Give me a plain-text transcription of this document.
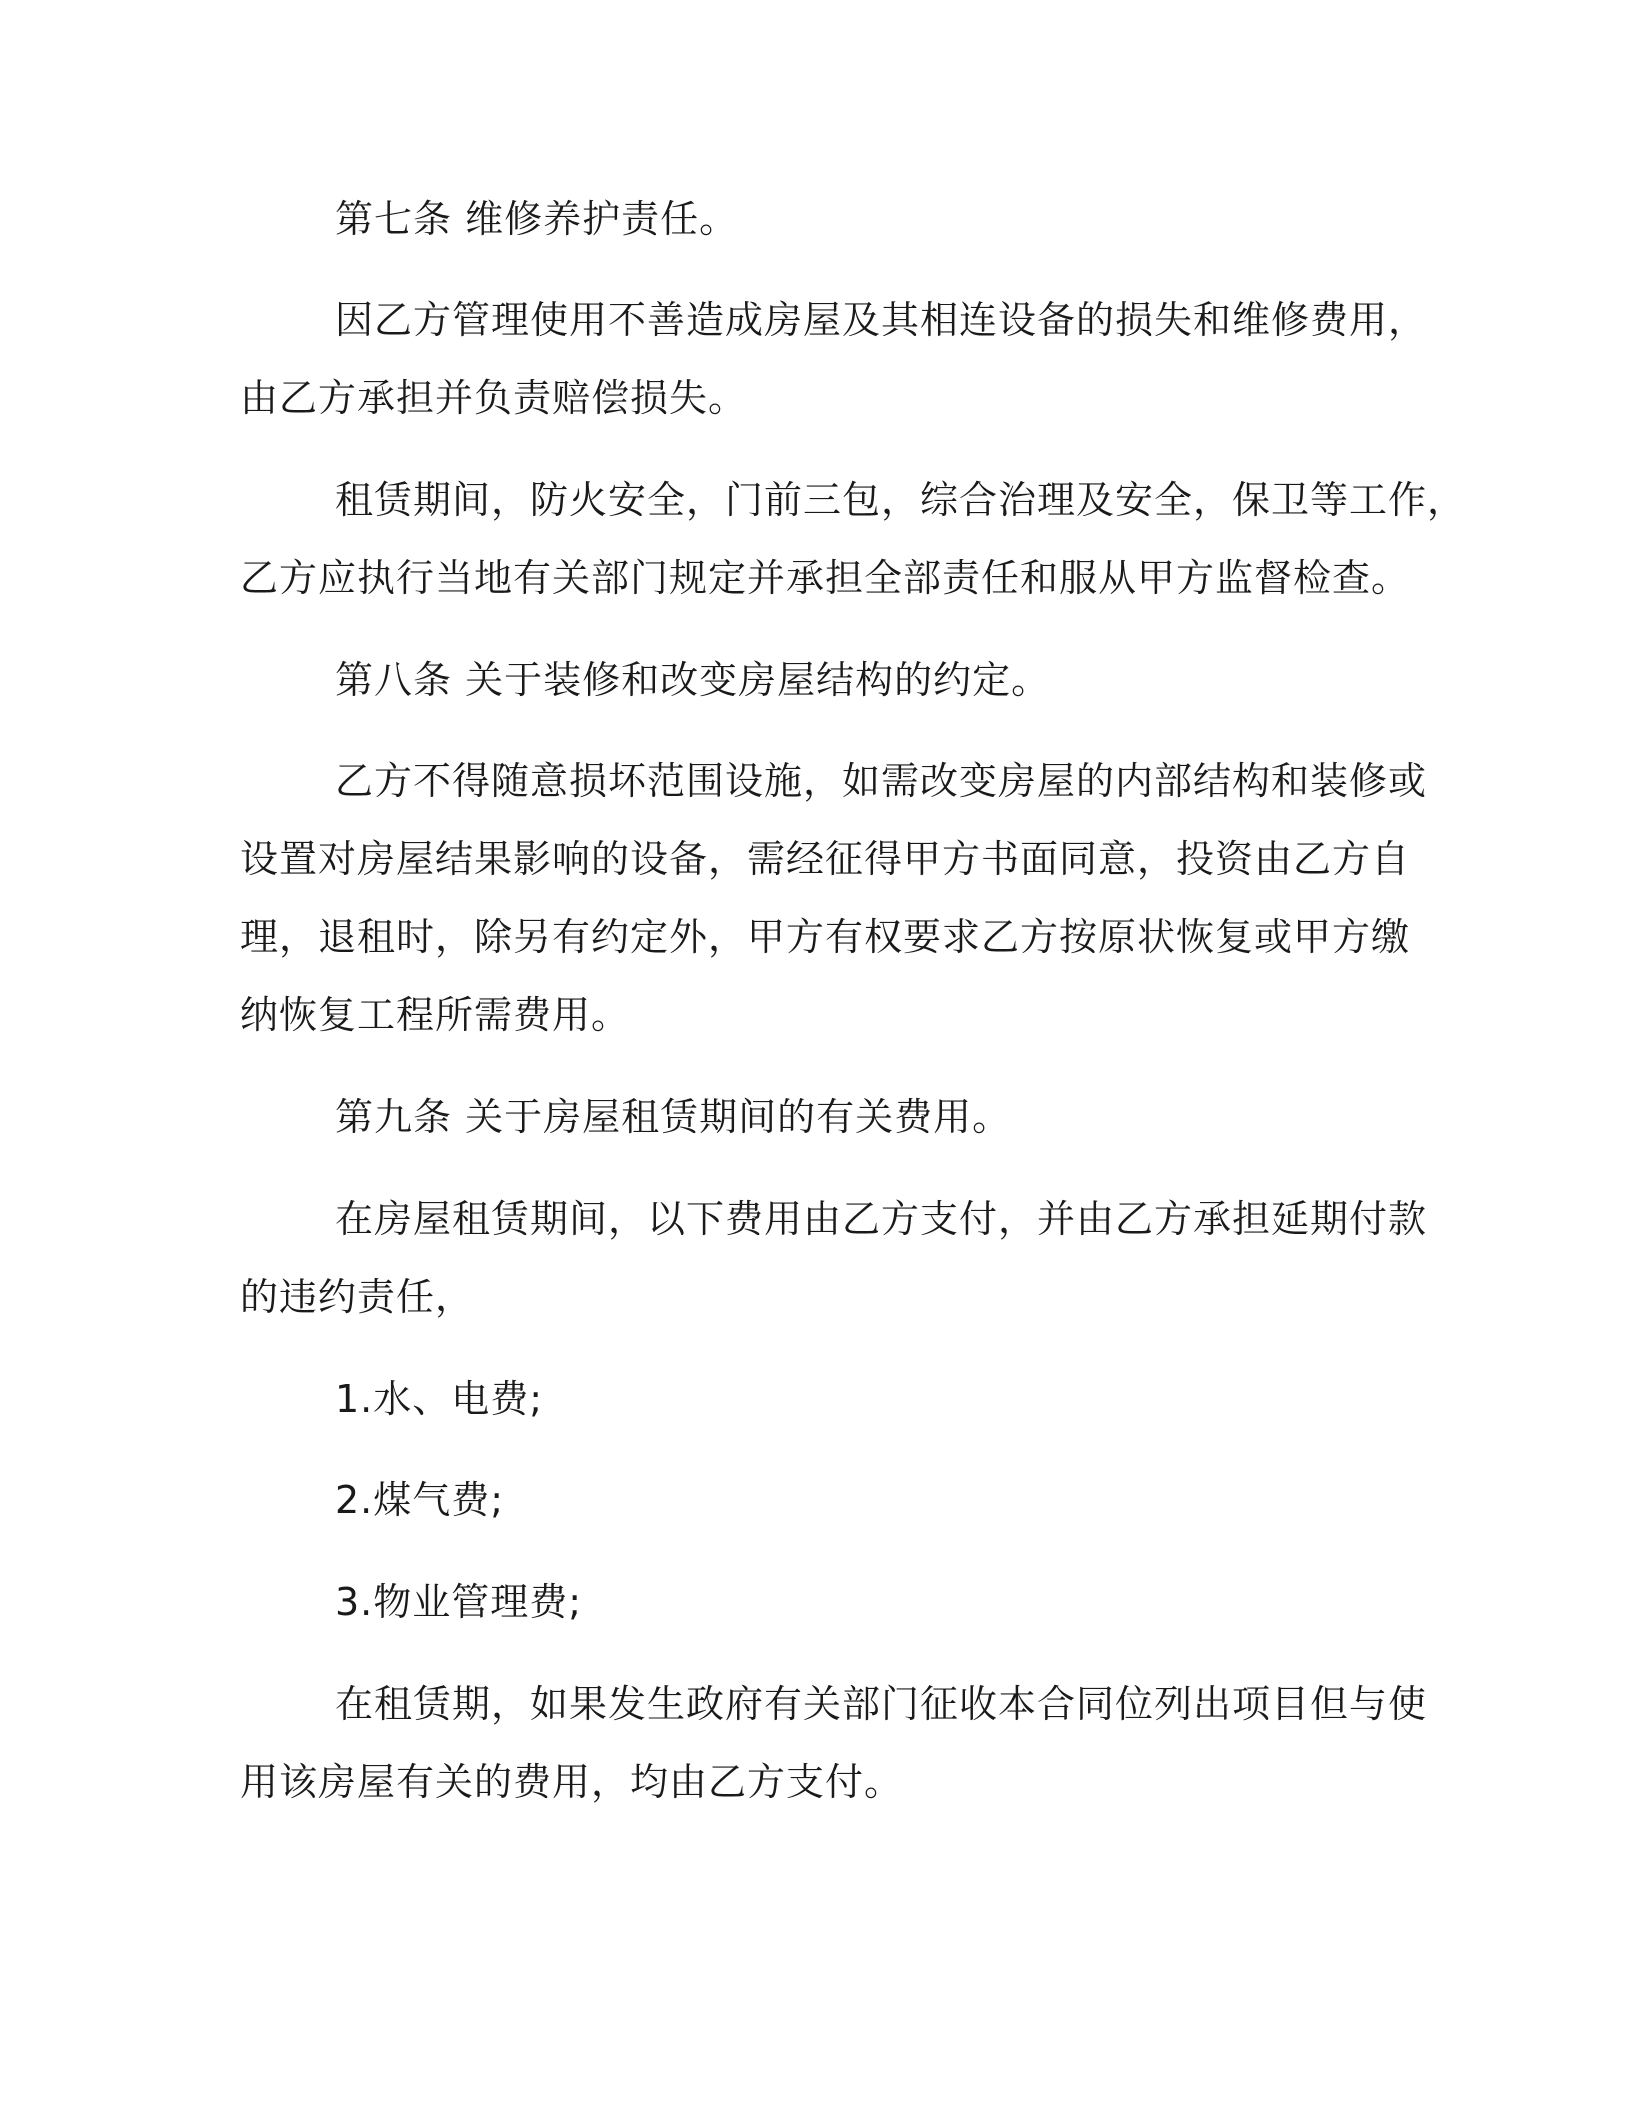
第七条 维修养护责任。
因乙方管理使用不善造成房屋及其相连设备的损失和维修费用，
由乙方承担并负责赔偿损失。
租赁期间，防火安全，门前三包，综合治理及安全，保卫等工作，
乙方应执行当地有关部门规定并承担全部责任和服从甲方监督检查。
第八条 关于装修和改变房屋结构的约定。
乙方不得随意损坏范围设施，如需改变房屋的内部结构和装修或
设置对房屋结果影响的设备，需经征得甲方书面同意，投资由乙方自
理，退租时，除另有约定外，甲方有权要求乙方按原状恢复或甲方缴
纳恢复工程所需费用。
第九条 关于房屋租赁期间的有关费用。
在房屋租赁期间，以下费用由乙方支付，并由乙方承担延期付款
的违约责任，
1.水、电费;
2.煤气费;
3.物业管理费;
在租赁期，如果发生政府有关部门征收本合同位列出项目但与使
用该房屋有关的费用，均由乙方支付。
